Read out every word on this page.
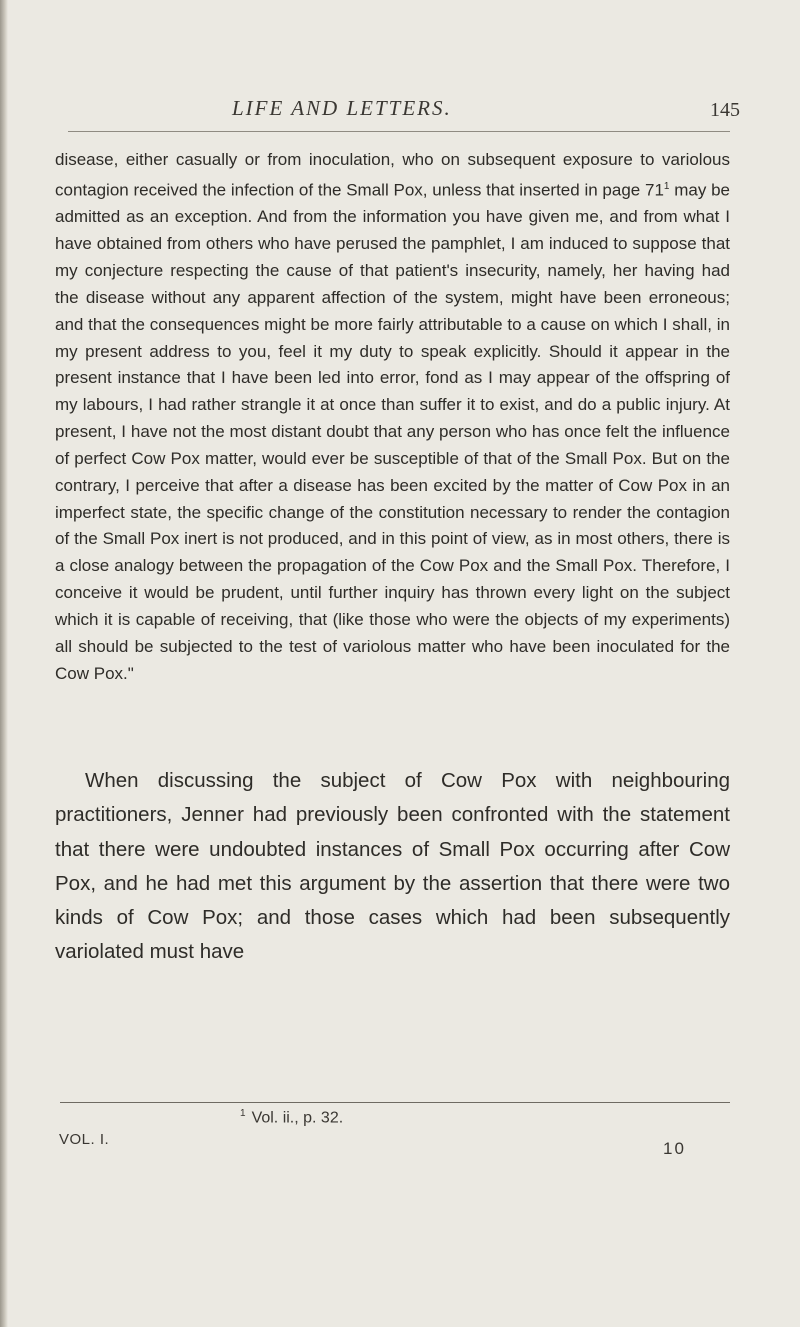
LIFE AND LETTERS.	145

disease, either casually or from inoculation, who on subsequent exposure to variolous contagion received the infection of the Small Pox, unless that inserted in page $71^1$ may be admitted as an exception. And from the information you have given me, and from what I have obtained from others who have perused the pamphlet, I am induced to suppose that my conjecture respecting the cause of that patient's insecurity, namely, her having had the disease without any apparent affection of the system, might have been erroneous; and that the consequences might be more fairly attributable to a cause on which I shall, in my present address to you, feel it my duty to speak explicitly. Should it appear in the present instance that I have been led into error, fond as I may appear of the offspring of my labours, I had rather strangle it at once than suffer it to exist, and do a public injury. At present, I have not the most distant doubt that any person who has once felt the influence of perfect Cow Pox matter, would ever be susceptible of that of the Small Pox. But on the contrary, I perceive that after a disease has been excited by the matter of Cow Pox in an imperfect state, the specific change of the constitution necessary to render the contagion of the Small Pox inert is not produced, and in this point of view, as in most others, there is a close analogy between the propagation of the Cow Pox and the Small Pox. Therefore, I conceive it would be prudent, until further inquiry has thrown every light on the subject which it is capable of receiving, that (like those who were the objects of my experiments) all should be subjected to the test of variolous matter who have been inoculated for the Cow Pox."

When discussing the subject of Cow Pox with neighbouring practitioners, Jenner had previously been confronted with the statement that there were undoubted instances of Small Pox occurring after Cow Pox, and he had met this argument by the assertion that there were two kinds of Cow Pox; and those cases which had been subsequently variolated must have

$^1$ Vol. ii., p. 32.
VOL. I.	10
